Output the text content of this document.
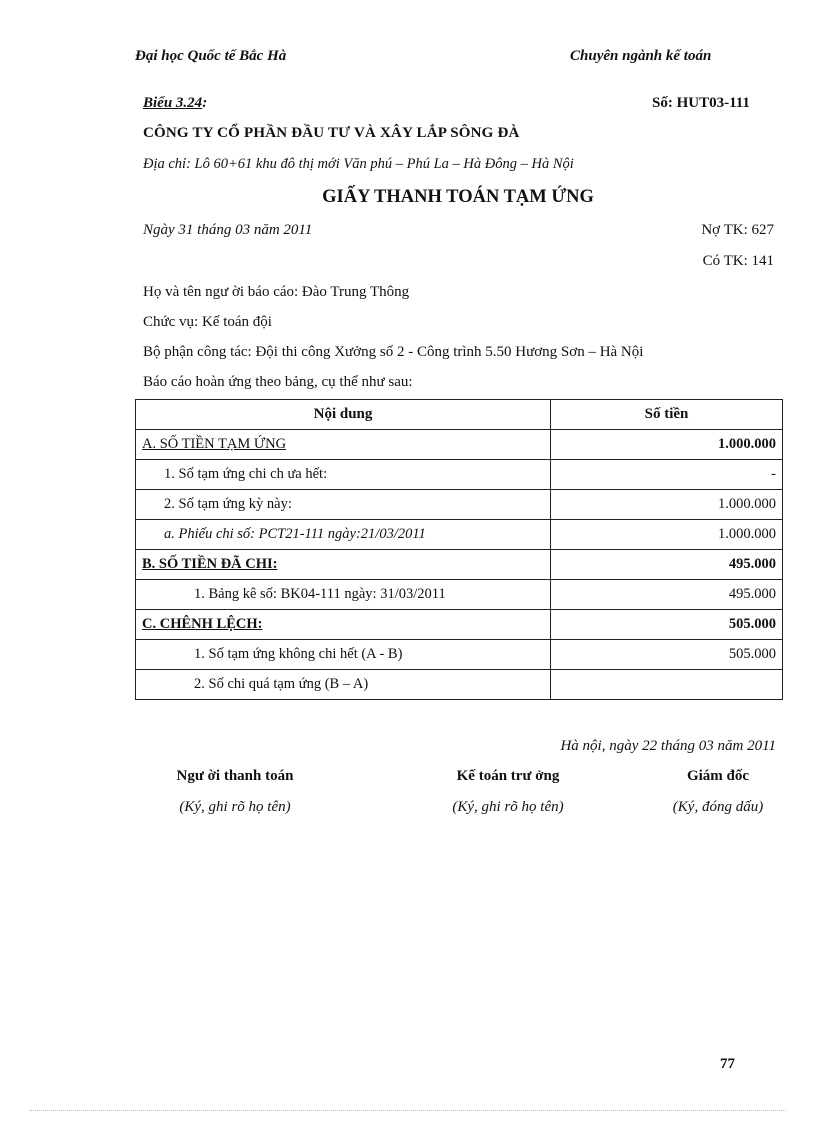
Đại học Quốc tế Bắc Hà	Chuyên ngành kế toán
Biểu 3.24:	Số: HUT03-111
CÔNG TY CỔ PHẦN ĐẦU TƯ VÀ XÂY LẮP SÔNG ĐÀ
Địa chỉ: Lô 60+61 khu đô thị mới Văn phú – Phú La – Hà Đông – Hà Nội
GIẤY THANH TOÁN TẠM ỨNG
Ngày 31 tháng 03 năm 2011	Nợ TK: 627
Có TK: 141
Họ và tên ngư ời báo cáo: Đào Trung Thông
Chức vụ: Kế toán đội
Bộ phận công tác: Đội thi công Xưởng số 2 - Công trình 5.50 Hương Sơn – Hà Nội
Báo cáo hoàn ứng theo bảng, cụ thể như sau:
Nội dung	Số tiền
A. SỐ TIỀN TẠM ỨNG	1.000.000
1. Số tạm ứng chi ch ưa hết:	-
2. Số tạm ứng kỳ này:	1.000.000
a. Phiếu chi số: PCT21-111 ngày:21/03/2011	1.000.000
B. SỐ TIỀN ĐÃ CHI:	495.000
1. Bảng kê số: BK04-111 ngày: 31/03/2011	495.000
C. CHÊNH LỆCH:	505.000
1. Số tạm ứng không chi hết (A - B)	505.000
2. Số chi quá tạm ứng (B – A)	
Hà nội, ngày 22 tháng 03 năm 2011
Ngư ời thanh toán	Kế toán trư ởng	Giám đốc
(Ký, ghi rõ họ tên)	(Ký, ghi rõ họ tên)	(Ký, đóng dấu)
77
